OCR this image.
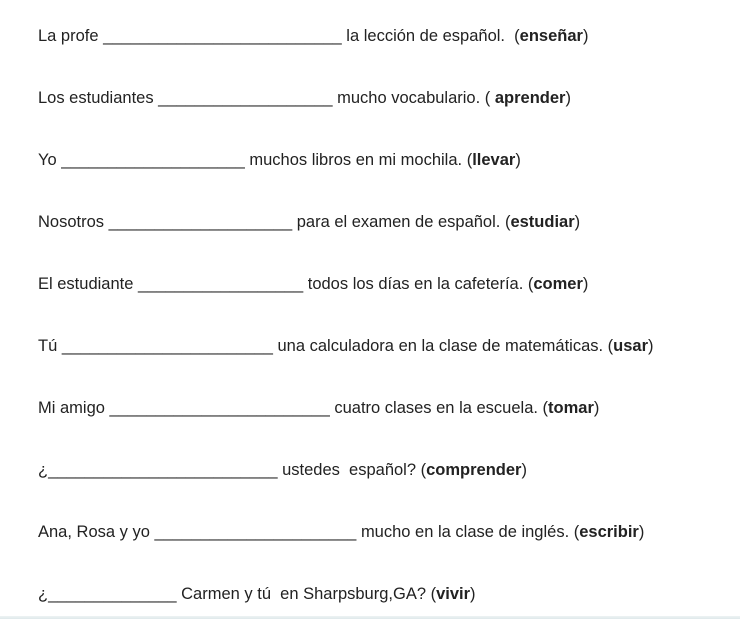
La profe __________________________ la lección de español.  (enseñar)
Los estudiantes ___________________ mucho vocabulario. ( aprender)
Yo ____________________ muchos libros en mi mochila. (llevar)
Nosotros ____________________ para el examen de español. (estudiar)
El estudiante __________________ todos los días en la cafetería. (comer)
Tú _______________________ una calculadora en la clase de matemáticas. (usar)
Mi amigo ________________________ cuatro clases en la escuela. (tomar)
¿_________________________ ustedes  español? (comprender)
Ana, Rosa y yo ______________________ mucho en la clase de inglés. (escribir)
¿______________ Carmen y tú  en Sharpsburg,GA? (vivir)
